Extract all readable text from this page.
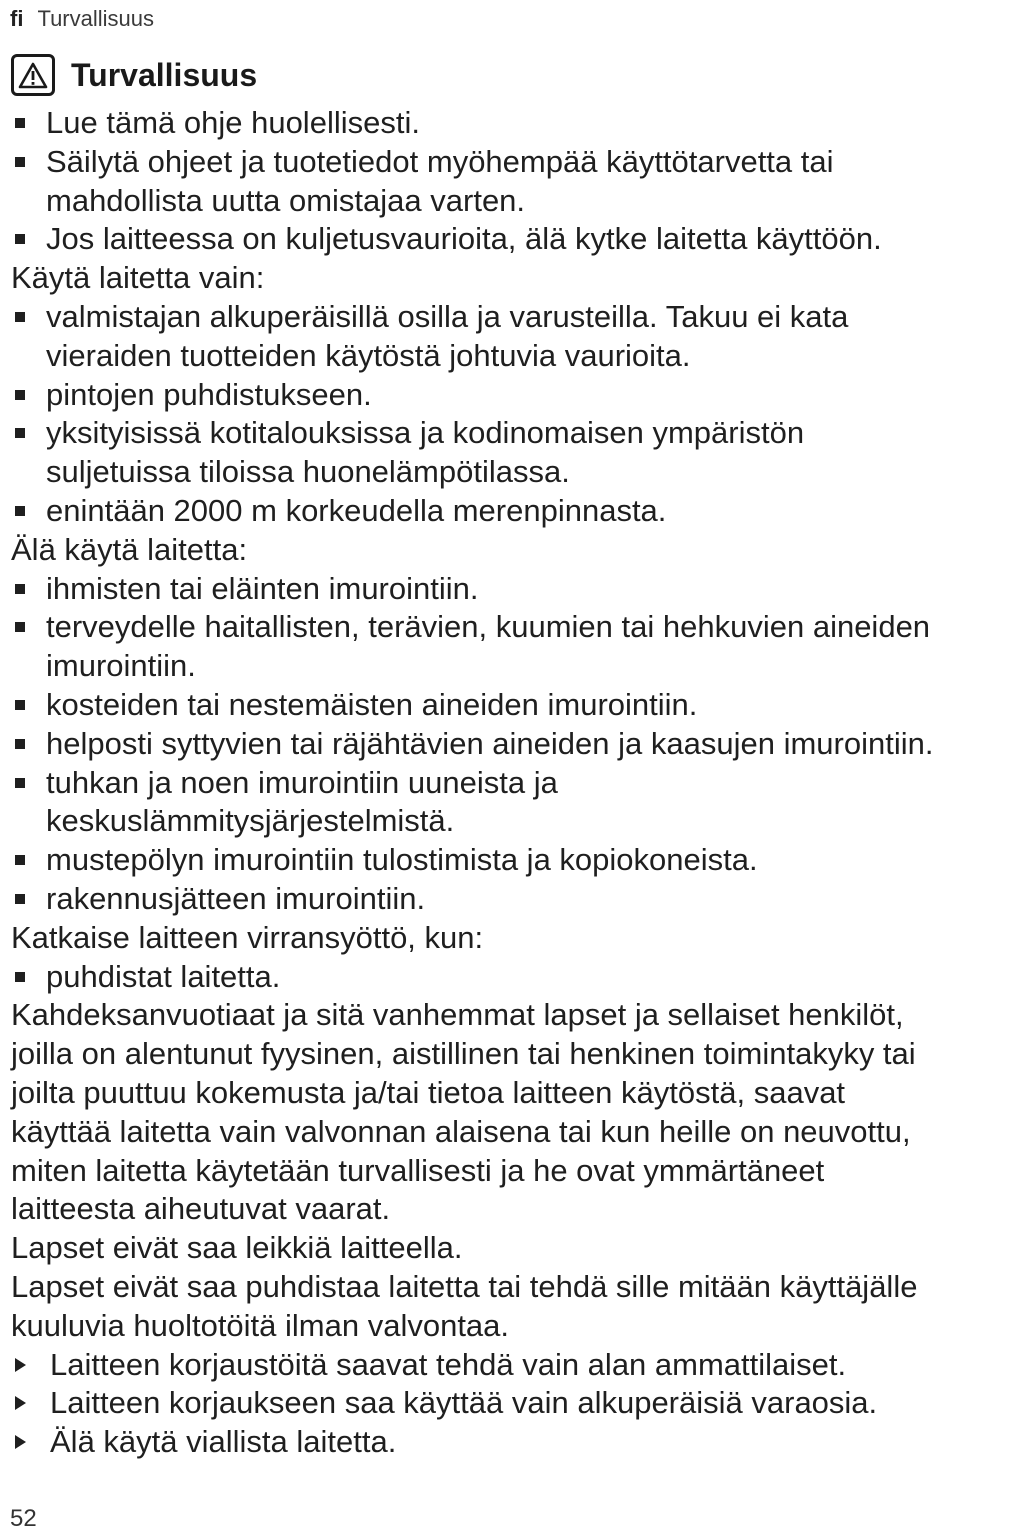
fi Turvallisuus
Turvallisuus
Lue tämä ohje huolellisesti.
Säilytä ohjeet ja tuotetiedot myöhempää käyttötarvetta tai
mahdollista uutta omistajaa varten.
Jos laitteessa on kuljetusvaurioita, älä kytke laitetta käyttöön.
Käytä laitetta vain:
valmistajan alkuperäisillä osilla ja varusteilla. Takuu ei kata
vieraiden tuotteiden käytöstä johtuvia vaurioita.
pintojen puhdistukseen.
yksityisissä kotitalouksissa ja kodinomaisen ympäristön
suljetuissa tiloissa huonelämpötilassa.
enintään 2000 m korkeudella merenpinnasta.
Älä käytä laitetta:
ihmisten tai eläinten imurointiin.
terveydelle haitallisten, terävien, kuumien tai hehkuvien aineiden
imurointiin.
kosteiden tai nestemäisten aineiden imurointiin.
helposti syttyvien tai räjähtävien aineiden ja kaasujen imurointiin.
tuhkan ja noen imurointiin uuneista ja
keskuslämmitysjärjestelmistä.
mustepölyn imurointiin tulostimista ja kopiokoneista.
rakennusjätteen imurointiin.
Katkaise laitteen virransyöttö, kun:
puhdistat laitetta.
Kahdeksanvuotiaat ja sitä vanhemmat lapset ja sellaiset henkilöt,
joilla on alentunut fyysinen, aistillinen tai henkinen toimintakyky tai
joilta puuttuu kokemusta ja/tai tietoa laitteen käytöstä, saavat
käyttää laitetta vain valvonnan alaisena tai kun heille on neuvottu,
miten laitetta käytetään turvallisesti ja he ovat ymmärtäneet
laitteesta aiheutuvat vaarat.
Lapset eivät saa leikkiä laitteella.
Lapset eivät saa puhdistaa laitetta tai tehdä sille mitään käyttäjälle
kuuluvia huoltotöitä ilman valvontaa.
Laitteen korjaustöitä saavat tehdä vain alan ammattilaiset.
Laitteen korjaukseen saa käyttää vain alkuperäisiä varaosia.
Älä käytä viallista laitetta.
52
